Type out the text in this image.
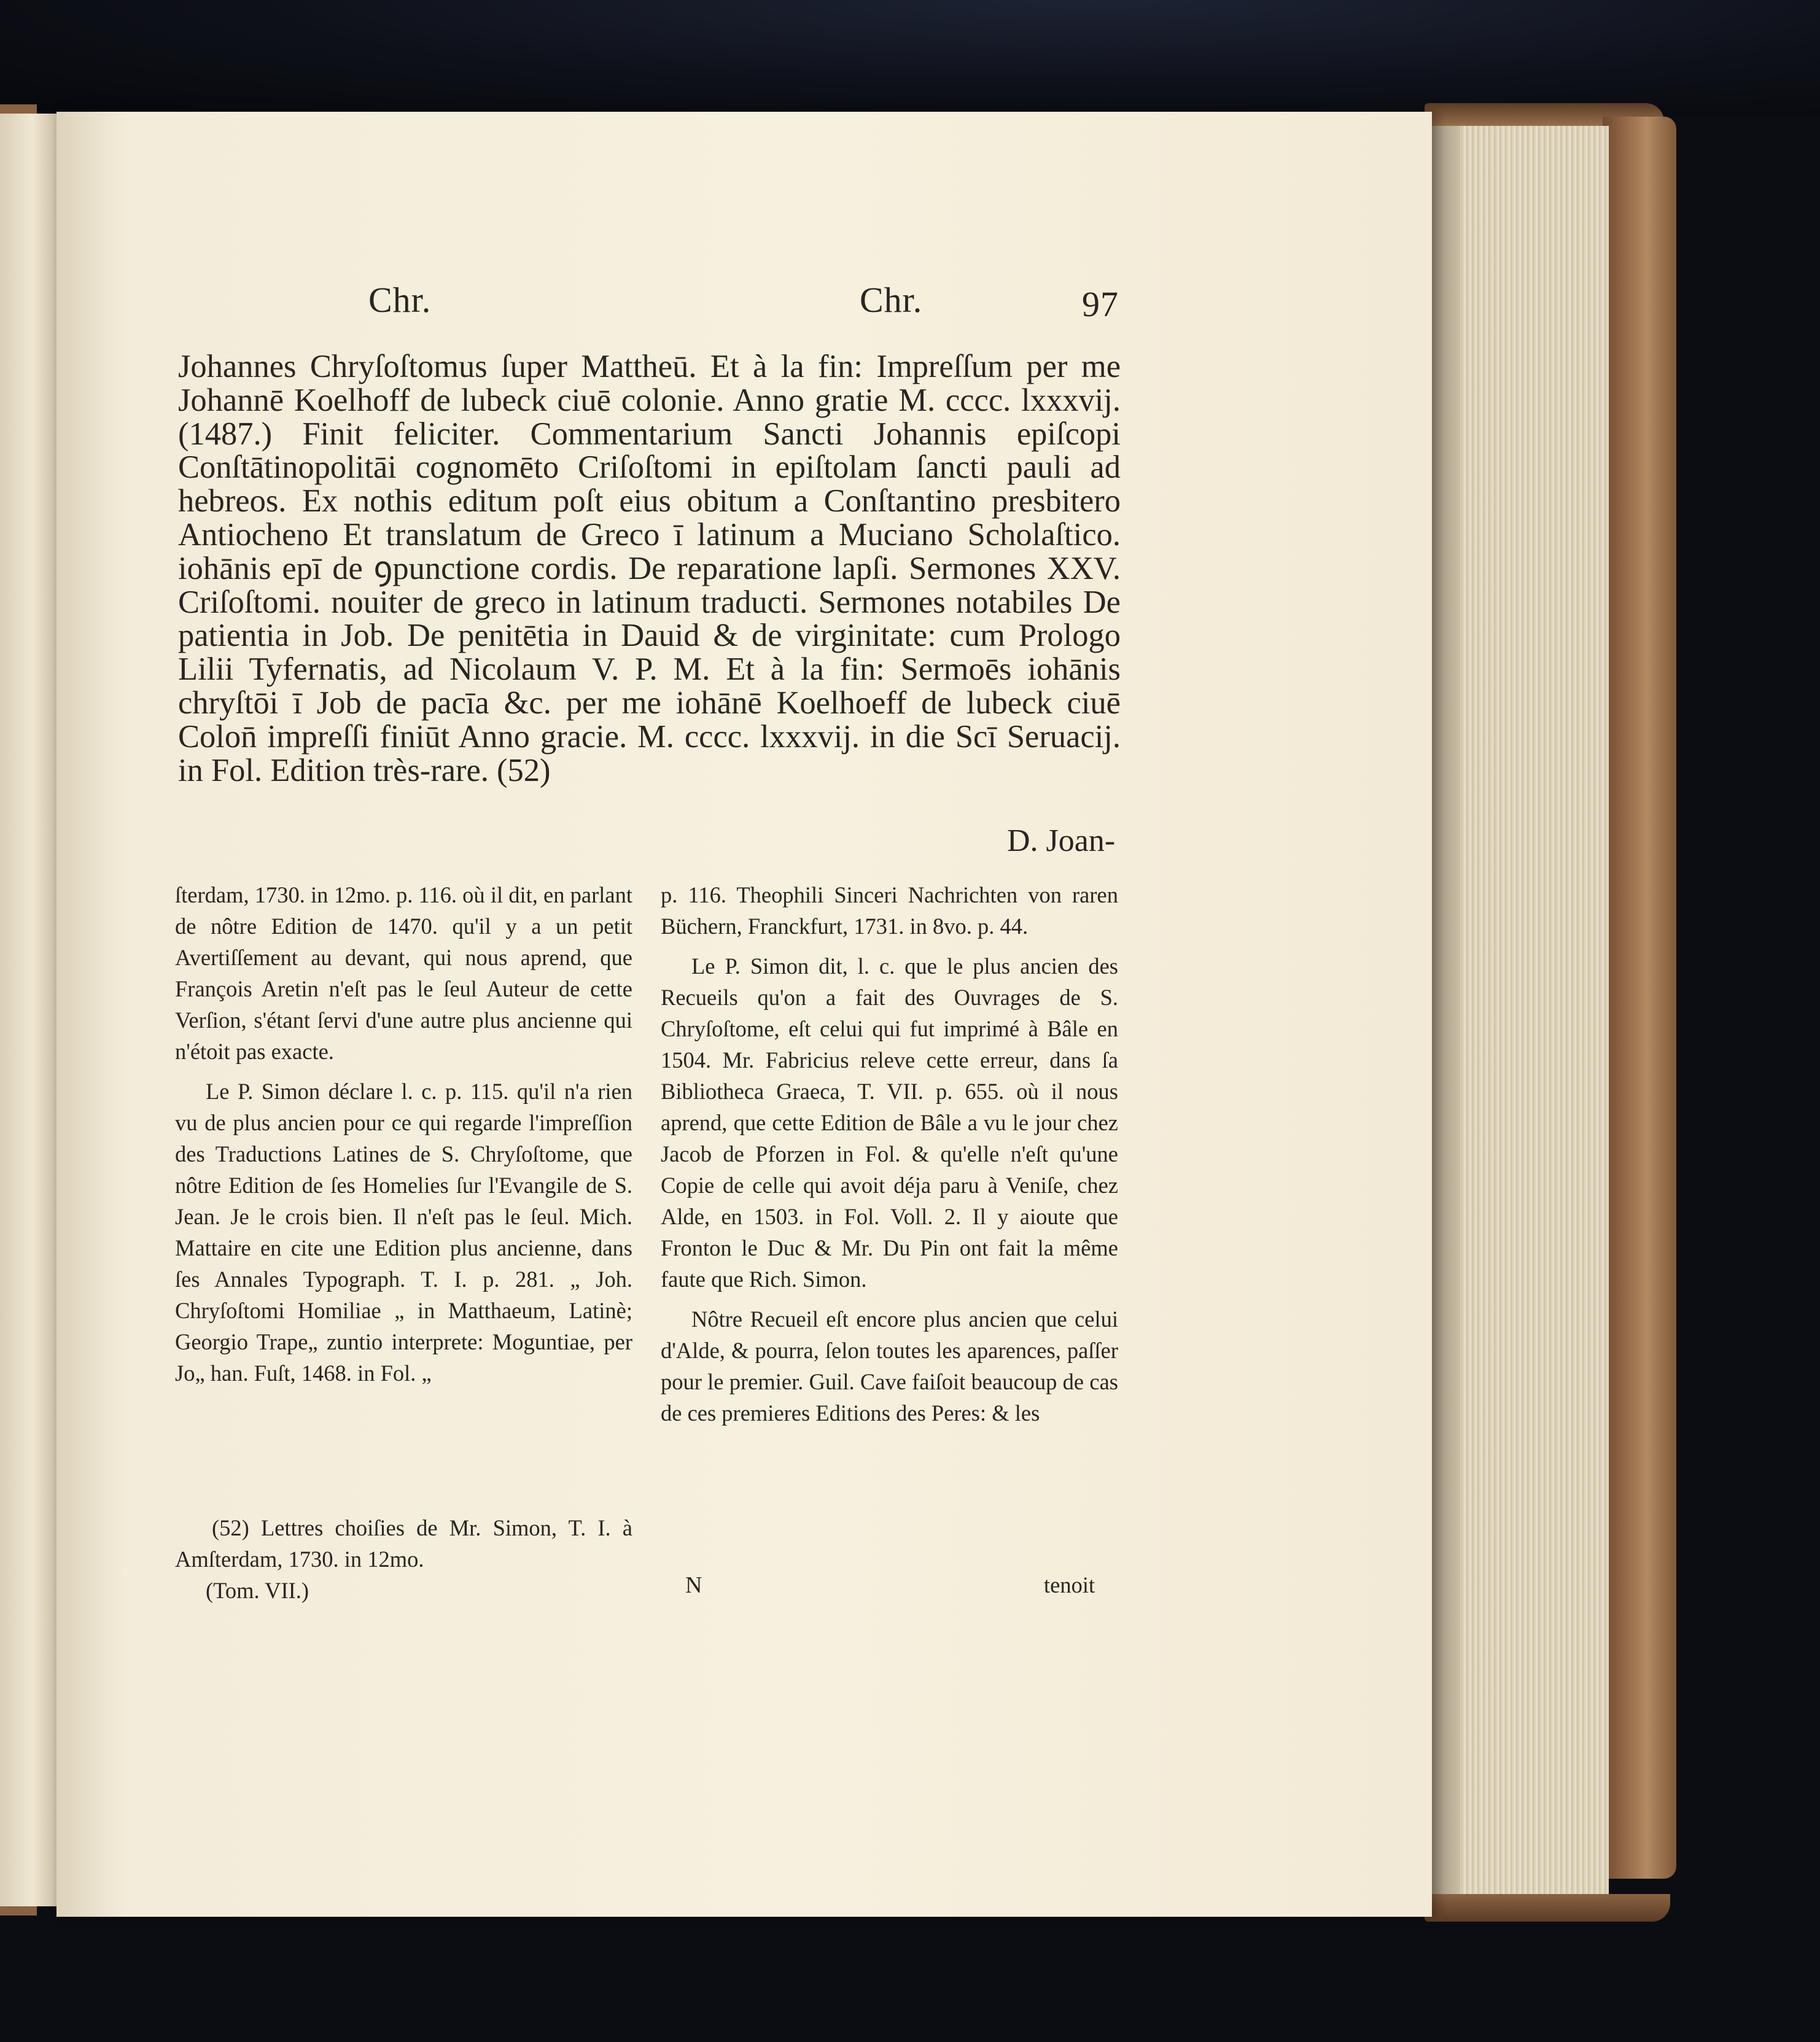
Chr.	Chr.	97

Johannes Chryſoſtomus ſuper Mattheū. Et à la fin: Impreſſum per me Johannē Koelhoff de lubeck ciuē colonie. Anno gratie M. cccc. lxxxvij. (1487.) Finit feliciter. Commentarium Sancti Johannis epiſcopi Conſtātinopolitāi cognomēto Criſoſtomi in epiſtolam ſancti pauli ad hebreos. Ex nothis editum poſt eius obitum a Conſtantino presbitero Antiocheno Et translatum de Greco ī latinum a Muciano Scholaſtico. iohānis epī de ꝯpunctione cordis. De reparatione lapſi. Sermones XXV. Criſoſtomi. nouiter de greco in latinum traducti. Sermones notabiles De patientia in Job. De penitētia in Dauid & de virginitate: cum Prologo Lilii Tyfernatis, ad Nicolaum V. P. M. Et à la fin: Sermoēs iohānis chryſtōi ī Job de pacīa &c. per me iohānē Koelhoeff de lubeck ciuē Colon̄ impreſſi finiūt Anno gracie. M. cccc. lxxxvij. in die Scī Seruacij. in Fol. Edition très-rare. (52)

D. Joan-

ſterdam, 1730. in 12mo. p. 116. où il dit, en parlant de nôtre Edition de 1470. qu'il y a un petit Avertiſſement au devant, qui nous aprend, que François Aretin n'eſt pas le ſeul Auteur de cette Verſion, s'étant ſervi d'une autre plus ancienne qui n'étoit pas exacte.

Le P. Simon déclare l. c. p. 115. qu'il n'a rien vu de plus ancien pour ce qui regarde l'impreſſion des Traductions Latines de S. Chryſoſtome, que nôtre Edition de ſes Homelies ſur l'Evangile de S. Jean. Je le crois bien. Il n'eſt pas le ſeul. Mich. Mattaire en cite une Edition plus ancienne, dans ſes Annales Typograph. T. I. p. 281. „ Joh. Chryſoſtomi Homiliae „ in Matthaeum, Latinè; Georgio Trape„ zuntio interprete: Moguntiae, per Jo„ han. Fuſt, 1468. in Fol. „

(52) Lettres choiſies de Mr. Simon, T. I. à Amſterdam, 1730. in 12mo.

(Tom. VII.)

p. 116. Theophili Sinceri Nachrichten von raren Büchern, Franckfurt, 1731. in 8vo. p. 44.

Le P. Simon dit, l. c. que le plus ancien des Recueils qu'on a fait des Ouvrages de S. Chryſoſtome, eſt celui qui fut imprimé à Bâle en 1504. Mr. Fabricius releve cette erreur, dans ſa Bibliotheca Graeca, T. VII. p. 655. où il nous aprend, que cette Edition de Bâle a vu le jour chez Jacob de Pforzen in Fol. & qu'elle n'eſt qu'une Copie de celle qui avoit déja paru à Veniſe, chez Alde, en 1503. in Fol. Voll. 2. Il y aioute que Fronton le Duc & Mr. Du Pin ont fait la même faute que Rich. Simon.

Nôtre Recueil eſt encore plus ancien que celui d'Alde, & pourra, ſelon toutes les aparences, paſſer pour le premier. Guil. Cave faiſoit beaucoup de cas de ces premieres Editions des Peres: & les

N	tenoit
